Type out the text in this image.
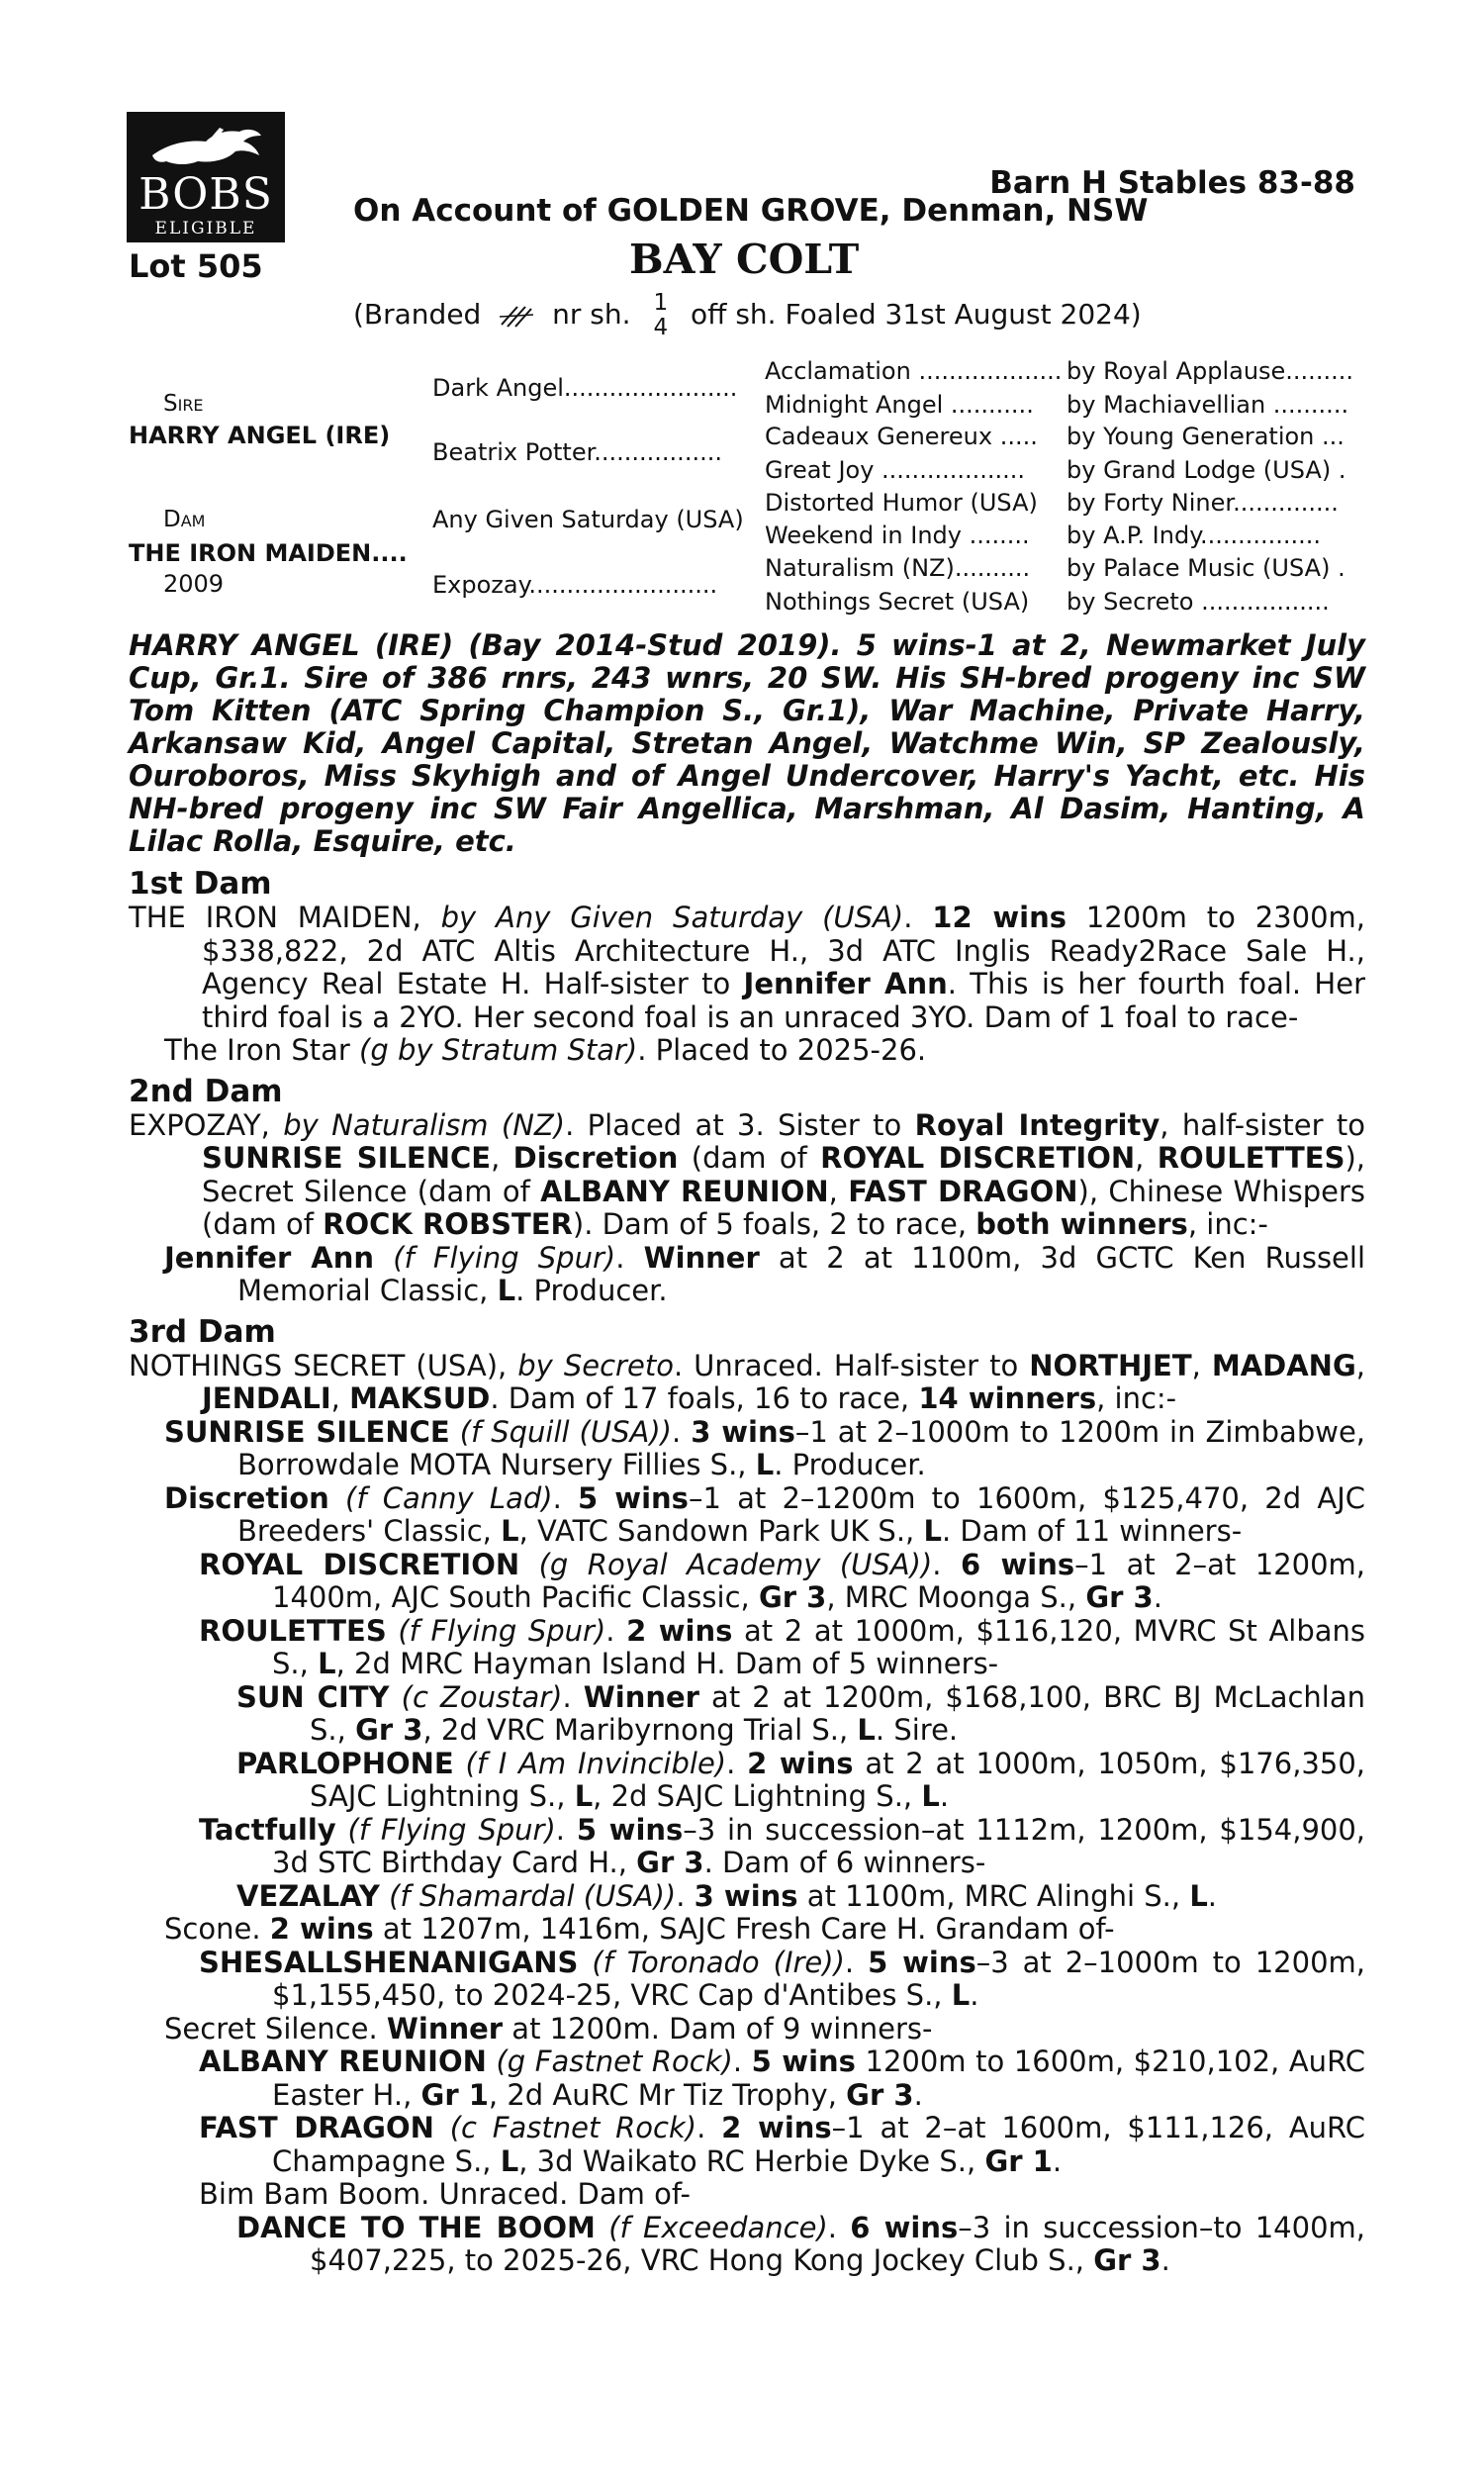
BOBS
ELIGIBLE
Lot 505
Barn H Stables 83-88
On Account of GOLDEN GROVE, Denman, NSW
BAY COLT
(Branded	nr sh. 1
4 off sh. Foaled 31st August 2024)
Sire
HARRY ANGEL (IRE)
Dam
THE IRON MAIDEN....
2009
Dark Angel.......................
Beatrix Potter.................
Any Given Saturday (USA)
Expozay.........................
Acclamation ...................
Midnight Angel ...........
Cadeaux Genereux .....
Great Joy ...................
Distorted Humor (USA)
Weekend in Indy ........
Naturalism (NZ)..........
Nothings Secret (USA)
by Royal Applause.........
by Machiavellian ..........
by Young Generation ...
by Grand Lodge (USA) .
by Forty Niner..............
by A.P. Indy................
by Palace Music (USA) .
by Secreto .................
HARRY ANGEL (IRE) (Bay 2014-Stud 2019). 5 wins-1 at 2, Newmarket July Cup, Gr.1. Sire of 386 rnrs, 243 wnrs, 20 SW. His SH-bred progeny inc SW Tom Kitten (ATC Spring Champion S., Gr.1), War Machine, Private Harry, Arkansaw Kid, Angel Capital, Stretan Angel, Watchme Win, SP Zealously, Ouroboros, Miss Skyhigh and of Angel Undercover, Harry's Yacht, etc. His NH-bred progeny inc SW Fair Angellica, Marshman, Al Dasim, Hanting, A Lilac Rolla, Esquire, etc.
1st Dam
THE IRON MAIDEN, by Any Given Saturday (USA). 12 wins 1200m to 2300m, $338,822, 2d ATC Altis Architecture H., 3d ATC Inglis Ready2Race Sale H., Agency Real Estate H. Half-sister to Jennifer Ann. This is her fourth foal. Her third foal is a 2YO. Her second foal is an unraced 3YO. Dam of 1 foal to race-
The Iron Star (g by Stratum Star). Placed to 2025-26.
2nd Dam
EXPOZAY, by Naturalism (NZ). Placed at 3. Sister to Royal Integrity, half-sister to SUNRISE SILENCE, Discretion (dam of ROYAL DISCRETION, ROULETTES), Secret Silence (dam of ALBANY REUNION, FAST DRAGON), Chinese Whispers (dam of ROCK ROBSTER). Dam of 5 foals, 2 to race, both winners, inc:-
Jennifer Ann (f Flying Spur). Winner at 2 at 1100m, 3d GCTC Ken Russell Memorial Classic, L. Producer.
3rd Dam
NOTHINGS SECRET (USA), by Secreto. Unraced. Half-sister to NORTHJET, MADANG, JENDALI, MAKSUD. Dam of 17 foals, 16 to race, 14 winners, inc:-
SUNRISE SILENCE (f Squill (USA)). 3 wins–1 at 2–1000m to 1200m in Zimbabwe, Borrowdale MOTA Nursery Fillies S., L. Producer.
Discretion (f Canny Lad). 5 wins–1 at 2–1200m to 1600m, $125,470, 2d AJC Breeders' Classic, L, VATC Sandown Park UK S., L. Dam of 11 winners-
ROYAL DISCRETION (g Royal Academy (USA)). 6 wins–1 at 2–at 1200m, 1400m, AJC South Pacific Classic, Gr 3, MRC Moonga S., Gr 3.
ROULETTES (f Flying Spur). 2 wins at 2 at 1000m, $116,120, MVRC St Albans S., L, 2d MRC Hayman Island H. Dam of 5 winners-
SUN CITY (c Zoustar). Winner at 2 at 1200m, $168,100, BRC BJ McLachlan S., Gr 3, 2d VRC Maribyrnong Trial S., L. Sire.
PARLOPHONE (f I Am Invincible). 2 wins at 2 at 1000m, 1050m, $176,350, SAJC Lightning S., L, 2d SAJC Lightning S., L.
Tactfully (f Flying Spur). 5 wins–3 in succession–at 1112m, 1200m, $154,900, 3d STC Birthday Card H., Gr 3. Dam of 6 winners-
VEZALAY (f Shamardal (USA)). 3 wins at 1100m, MRC Alinghi S., L.
Scone. 2 wins at 1207m, 1416m, SAJC Fresh Care H. Grandam of-
SHESALLSHENANIGANS (f Toronado (Ire)). 5 wins–3 at 2–1000m to 1200m, $1,155,450, to 2024-25, VRC Cap d'Antibes S., L.
Secret Silence. Winner at 1200m. Dam of 9 winners-
ALBANY REUNION (g Fastnet Rock). 5 wins 1200m to 1600m, $210,102, AuRC Easter H., Gr 1, 2d AuRC Mr Tiz Trophy, Gr 3.
FAST DRAGON (c Fastnet Rock). 2 wins–1 at 2–at 1600m, $111,126, AuRC Champagne S., L, 3d Waikato RC Herbie Dyke S., Gr 1.
Bim Bam Boom. Unraced. Dam of-
DANCE TO THE BOOM (f Exceedance). 6 wins–3 in succession–to 1400m, $407,225, to 2025-26, VRC Hong Kong Jockey Club S., Gr 3.
